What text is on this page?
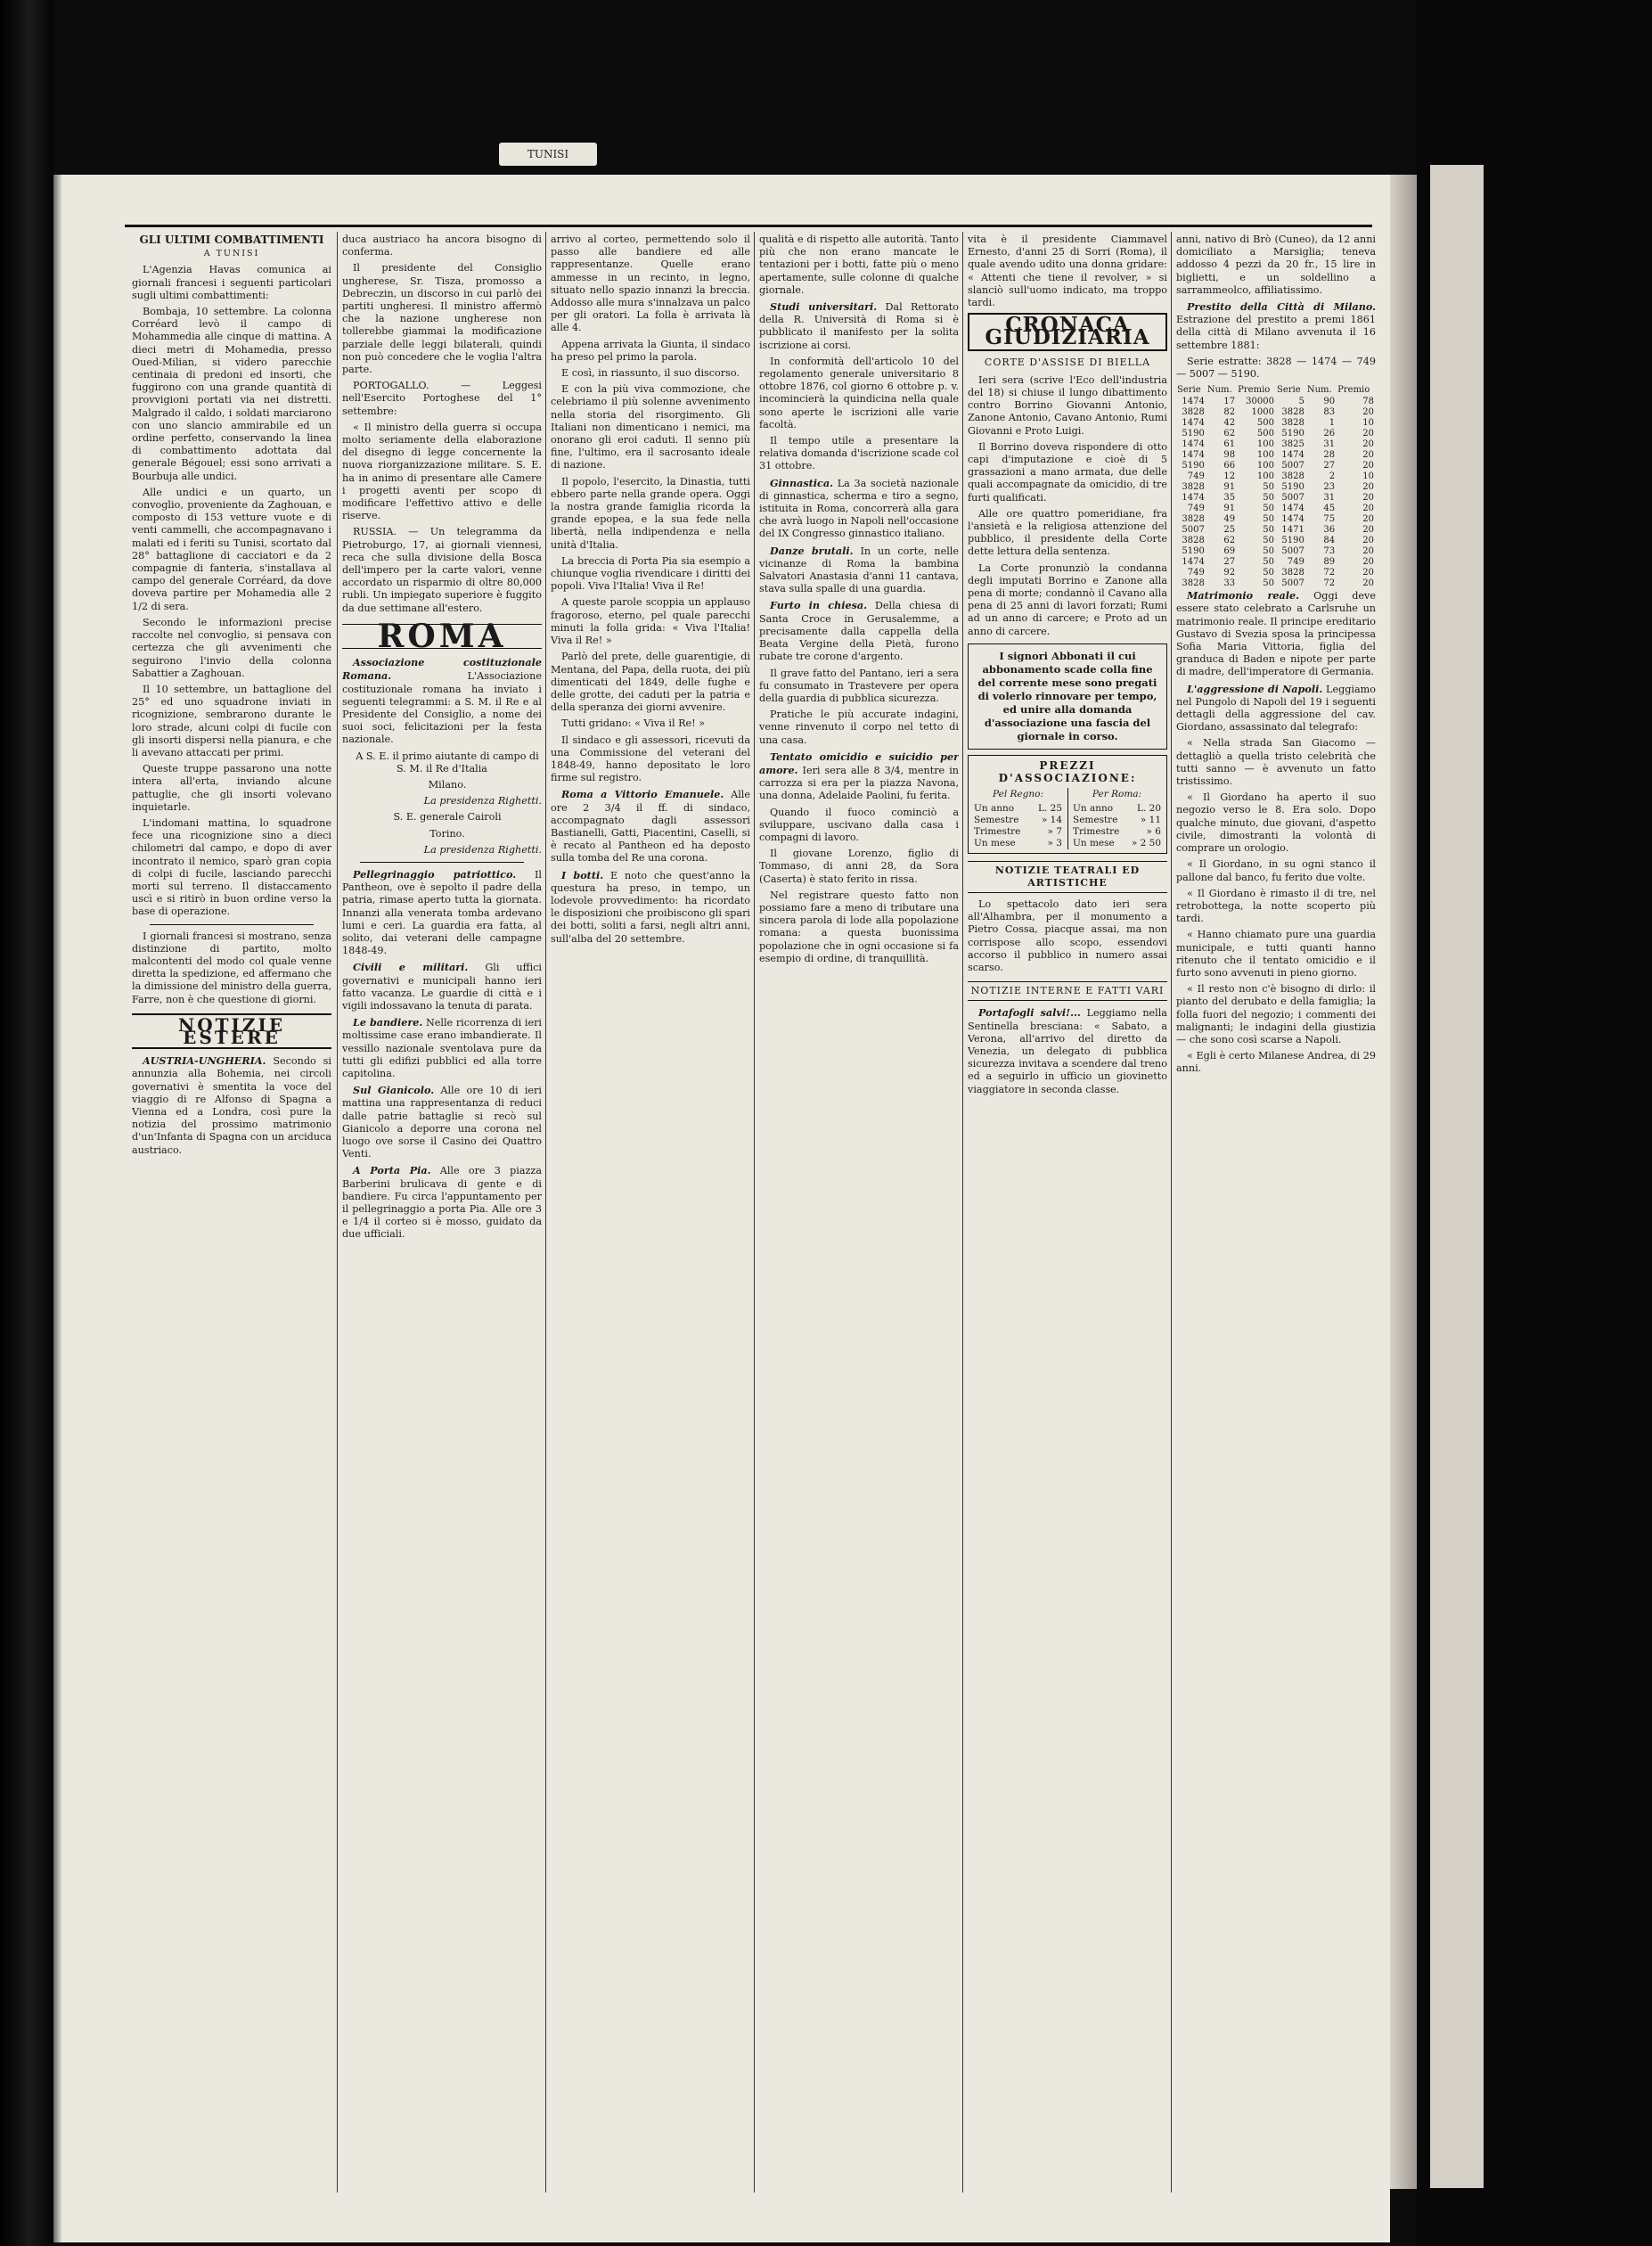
TUNISI
GLI ULTIMI COMBATTIMENTI
A TUNISI

L'Agenzia Havas comunica ai giornali francesi i seguenti particolari sugli ultimi combattimenti:

Bombaja, 10 settembre. La colonna Corréard levò il campo di Mohammedia alle cinque di mattina. A dieci metri di Mohamedia, presso Oued-Milian, si videro parecchie centinaia di predoni ed insorti, che fuggirono con una grande quantità di provvigioni portati via nei distretti. Malgrado il caldo, i soldati marciarono con uno slancio ammirabile ed un ordine perfetto, conservando la linea di combattimento adottata dal generale Bégouel; essi sono arrivati a Bourbuja alle undici.

Alle undici e un quarto, un convoglio, proveniente da Zaghouan, e composto di 153 vetture vuote e di venti cammelli, che accompagnavano i malati ed i feriti su Tunisi, scortato dal 28° battaglione di cacciatori e da 2 compagnie di fanteria, s'installava al campo del generale Corréard, da dove doveva partire per Mohamedia alle 2 1/2 di sera.

Secondo le informazioni precise raccolte nel convoglio, si pensava con certezza che gli avvenimenti che seguirono l'invio della colonna Sabattier a Zaghouan.

Il 10 settembre, un battaglione del 25° ed uno squadrone inviati in ricognizione, sembrarono durante le loro strade, alcuni colpi di fucile con gli insorti dispersi nella pianura, e che li avevano attaccati per primi.

Queste truppe passarono una notte intera all'erta, inviando alcune pattuglie, che gli insorti volevano inquietarle.

L'indomani mattina, lo squadrone fece una ricognizione sino a dieci chilometri dal campo, e dopo di aver incontrato il nemico, sparò gran copia di colpi di fucile, lasciando parecchi morti sul terreno. Il distaccamento uscì e si ritirò in buon ordine verso la base di operazione.

I giornali francesi si mostrano, senza distinzione di partito, molto malcontenti del modo col quale venne diretta la spedizione, ed affermano che la dimissione del ministro della guerra, Farre, non è che questione di giorni.

NOTIZIE ESTERE

AUSTRIA-UNGHERIA. Secondo si annunzia alla Bohemia, nei circoli governativi è smentita la voce del viaggio di re Alfonso di Spagna a Vienna ed a Londra, così pure la notizia del prossimo matrimonio d'un'Infanta di Spagna con un arciduca austriaco.

duca austriaco ha ancora bisogno di conferma.

Il presidente del Consiglio ungherese, Sr. Tisza, promosso a Debreczin, un discorso in cui parlò dei partiti ungheresi. Il ministro affermò che la nazione ungherese non tollerebbe giammai la modificazione parziale delle leggi bilaterali, quindi non può concedere che le voglia l'altra parte.

PORTOGALLO. — Leggesi nell'Esercito Portoghese del 1° settembre:

« Il ministro della guerra si occupa molto seriamente della elaborazione del disegno di legge concernente la nuova riorganizzazione militare. S. E. ha in animo di presentare alle Camere i progetti aventi per scopo di modificare l'effettivo attivo e delle riserve.

RUSSIA. — Un telegramma da Pietroburgo, 17, ai giornali viennesi, reca che sulla divisione della Bosca dell'impero per la carte valori, venne accordato un risparmio di oltre 80,000 rubli. Un impiegato superiore è fuggito da due settimane all'estero.

ROMA

Associazione costituzionale Romana.	L'Associazione costituzionale romana ha inviato i seguenti telegrammi: a S. M. il Re e al Presidente del Consiglio, a nome dei suoi soci, felicitazioni per la festa nazionale.

A S. E. il primo aiutante di campo di S. M. il Re d'Italia

Milano.

La presidenza Righetti.

S. E. generale Cairoli

Torino.

La presidenza Righetti.

Pellegrinaggio patriottico. Il Pantheon, ove è sepolto il padre della patria, rimase aperto tutta la giornata. Innanzi alla venerata tomba ardevano lumi e ceri. La guardia era fatta, al solito, dai veterani delle campagne 1848-49.

Civili e militari. Gli uffici governativi e municipali hanno ieri fatto vacanza. Le guardie di città e i vigili indossavano la tenuta di parata.

Le bandiere. Nelle ricorrenza di ieri moltissime case erano imbandierate. Il vessillo nazionale sventolava pure da tutti gli edifizi pubblici ed alla torre capitolina.

Sul Gianicolo. Alle ore 10 di ieri mattina una rappresentanza di reduci dalle patrie battaglie si recò sul Gianicolo a deporre una corona nel luogo ove sorse il Casino dei Quattro Venti.

A Porta Pia. Alle ore 3 piazza Barberini brulicava di gente e di bandiere. Fu circa l'appuntamento per il pellegrinaggio a porta Pia. Alle ore 3 e 1/4 il corteo si è mosso, guidato da due ufficiali.

arrivo al corteo, permettendo solo il passo alle bandiere ed alle rappresentanze. Quelle erano ammesse in un recinto, in legno, situato nello spazio innanzi la breccia. Addosso alle mura s'innalzava un palco per gli oratori. La folla è arrivata là alle 4.

Appena arrivata la Giunta, il sindaco ha preso pel primo la parola.

E così, in riassunto, il suo discorso.

E con la più viva commozione, che celebriamo il più solenne avvenimento nella storia del risorgimento. Gli Italiani non dimenticano i nemici, ma onorano gli eroi caduti. Il senno più fine, l'ultimo, era il sacrosanto ideale di nazione.

Il popolo, l'esercito, la Dinastia, tutti ebbero parte nella grande opera. Oggi la nostra grande famiglia ricorda la grande epopea, e la sua fede nella libertà, nella indipendenza e nella unità d'Italia.

La breccia di Porta Pia sia esempio a chiunque voglia rivendicare i diritti dei popoli. Viva l'Italia! Viva il Re!

A queste parole scoppia un applauso fragoroso, eterno, pel quale parecchi minuti la folla grida: « Viva l'Italia! Viva il Re! »

Parlò del prete, delle guarentigie, di Mentana, del Papa, della ruota, dei più dimenticati del 1849, delle fughe e delle grotte, dei caduti per la patria e della speranza dei giorni avvenire.

Tutti gridano: « Viva il Re! »

Il sindaco e gli assessori, ricevuti da una Commissione del veterani del 1848-49, hanno depositato le loro firme sul registro.

Roma a Vittorio Emanuele. Alle ore 2 3/4 il ff. di sindaco, accompagnato dagli assessori Bastianelli, Gatti, Piacentini, Caselli, si è recato al Pantheon ed ha deposto sulla tomba del Re una corona.

I botti. E noto che quest'anno la questura ha preso, in tempo, un lodevole provvedimento: ha ricordato le disposizioni che proibiscono gli spari dei botti, soliti a farsi, negli altri anni, sull'alba del 20 settembre.

qualità e di rispetto alle autorità. Tanto più che non erano mancate le tentazioni per i botti, fatte più o meno apertamente, sulle colonne di qualche giornale.

Studi universitari. Dal Rettorato della R. Università di Roma si è pubblicato il manifesto per la solita iscrizione ai corsi.

In conformità dell'articolo 10 del regolamento generale universitario 8 ottobre 1876, col giorno 6 ottobre p. v. incomincierà la quindicina nella quale sono aperte le iscrizioni alle varie facoltà.

Il tempo utile a presentare la relativa domanda d'iscrizione scade col 31 ottobre.

Ginnastica. La 3a società nazionale di ginnastica, scherma e tiro a segno, istituita in Roma, concorrerà alla gara che avrà luogo in Napoli nell'occasione del IX Congresso ginnastico italiano.

Danze brutali. In un corte, nelle vicinanze di Roma la bambina Salvatori Anastasia d'anni 11 cantava, stava sulla spalle di una guardia.

Furto in chiesa. Della chiesa di Santa Croce in Gerusalemme, a precisamente dalla cappella della Beata Vergine della Pietà, furono rubate tre corone d'argento.

Il grave fatto del Pantano, ieri a sera fu consumato in Trastevere per opera della guardia di pubblica sicurezza.

Pratiche le più accurate indagini, venne rinvenuto il corpo nel tetto di una casa.

Tentato omicidio e suicidio per amore. Ieri sera alle 8 3/4, mentre in carrozza si era per la piazza Navona, una donna, Adelaide Paolini, fu ferita.

Quando il fuoco cominciò a sviluppare, uscivano dalla casa i compagni di lavoro.

Il giovane Lorenzo, figlio di Tommaso, di anni 28, da Sora (Caserta) è stato ferito in rissa.

Nel registrare questo fatto non possiamo fare a meno di tributare una sincera parola di lode alla popolazione romana: a questa buonissima popolazione che in ogni occasione si fa esempio di ordine, di tranquillità.

vita è il presidente Ciammavel Ernesto, d'anni 25 di Sorri (Roma), il quale avendo udito una donna gridare: « Attenti che tiene il revolver, » si slanciò sull'uomo indicato, ma troppo tardi.

CRONACA GIUDIZIARIA
CORTE D'ASSISE DI BIELLA

Ieri sera (scrive l'Eco dell'industria del 18) si chiuse il lungo dibattimento contro Borrino Giovanni Antonio, Zanone Antonio, Cavano Antonio, Rumi Giovanni e Proto Luigi.

Il Borrino doveva rispondere di otto capi d'imputazione e cioè di 5 grassazioni a mano armata, due delle quali accompagnate da omicidio, di tre furti qualificati.

Alle ore quattro pomeridiane, fra l'ansietà e la religiosa attenzione del pubblico, il presidente della Corte dette lettura della sentenza.

La Corte pronunziò la condanna degli imputati Borrino e Zanone alla pena di morte; condannò il Cavano alla pena di 25 anni di lavori forzati; Rumi ad un anno di carcere; e Proto ad un anno di carcere.

I signori Abbonati il cui abbonamento scade colla fine del corrente mese sono pregati di volerlo rinnovare per tempo, ed unire alla domanda d'associazione una fascia del giornale in corso.
PREZZI D'ASSOCIAZIONE:
Pel Regno:
Un anno	L. 25
Semestre » 14
Trimestre	» 7
Un mese	» 3
Per Roma:
Un anno	L. 20
Semestre » 11
Trimestre	» 6
Un mese » 2 50
NOTIZIE TEATRALI ED ARTISTICHE

Lo spettacolo dato ieri sera all'Alhambra, per il monumento a Pietro Cossa, piacque assai, ma non corrispose allo scopo, essendovi accorso il pubblico in numero assai scarso.

NOTIZIE INTERNE E FATTI VARI

Portafogli salvi!... Leggiamo nella Sentinella bresciana: « Sabato, a Verona, all'arrivo del diretto da Venezia, un delegato di pubblica sicurezza invitava a scendere dal treno ed a seguirlo in ufficio un giovinetto viaggiatore in seconda classe.

anni, nativo di Brò (Cuneo), da 12 anni domiciliato a Marsiglia; teneva addosso 4 pezzi da 20 fr., 15 lire in biglietti, e un soldellino a sarrammeolco, affiliatissimo.

Prestito della Città di Milano. Estrazione del prestito a premi 1861 della città di Milano avvenuta il 16 settembre 1881:

Serie estratte: 3828 — 1474 — 749 — 5007 — 5190.

Serie	Num.	Premio	Serie	Num.	Premio
1474	17	30000	5	90	78
3828	82	1000	3828	83	20
1474	42	500	3828	1	10
5190	62	500	5190	26	20
1474	61	100	3825	31	20
1474	98	100	1474	28	20
5190	66	100	5007	27	20
749	12	100	3828	2	10
3828	91	50	5190	23	20
1474	35	50	5007	31	20
749	91	50	1474	45	20
3828	49	50	1474	75	20
5007	25	50	1471	36	20
3828	62	50	5190	84	20
5190	69	50	5007	73	20
1474	27	50	749	89	20
749	92	50	3828	72	20
3828	33	50	5007	72	20

Matrimonio reale. Oggi deve essere stato celebrato a Carlsruhe un matrimonio reale. Il principe ereditario Gustavo di Svezia sposa la principessa Sofia Maria Vittoria, figlia del granduca di Baden e nipote per parte di madre, dell'imperatore di Germania.

L'aggressione di Napoli. Leggiamo nel Pungolo di Napoli del 19 i seguenti dettagli della aggressione del cav. Giordano, assassinato dal telegrafo:

« Nella strada San Giacomo — dettagliò a quella tristo celebrità che tutti sanno — è avvenuto un fatto tristissimo.

« Il Giordano ha aperto il suo negozio verso le 8. Era solo. Dopo qualche minuto, due giovani, d'aspetto civile, dimostranti la volontà di comprare un orologio.

« Il Giordano, in su ogni stanco il pallone dal banco, fu ferito due volte.

« Il Giordano è rimasto il di tre, nel retrobottega, la notte scoperto più tardi.

« Hanno chiamato pure una guardia municipale, e tutti quanti hanno ritenuto che il tentato omicidio e il furto sono avvenuti in pieno giorno.

« Il resto non c'è bisogno di dirlo: il pianto del derubato e della famiglia; la folla fuori del negozio; i commenti dei malignanti; le indagini della giustizia — che sono così scarse a Napoli.

« Egli è certo Milanese Andrea, di 29 anni.
